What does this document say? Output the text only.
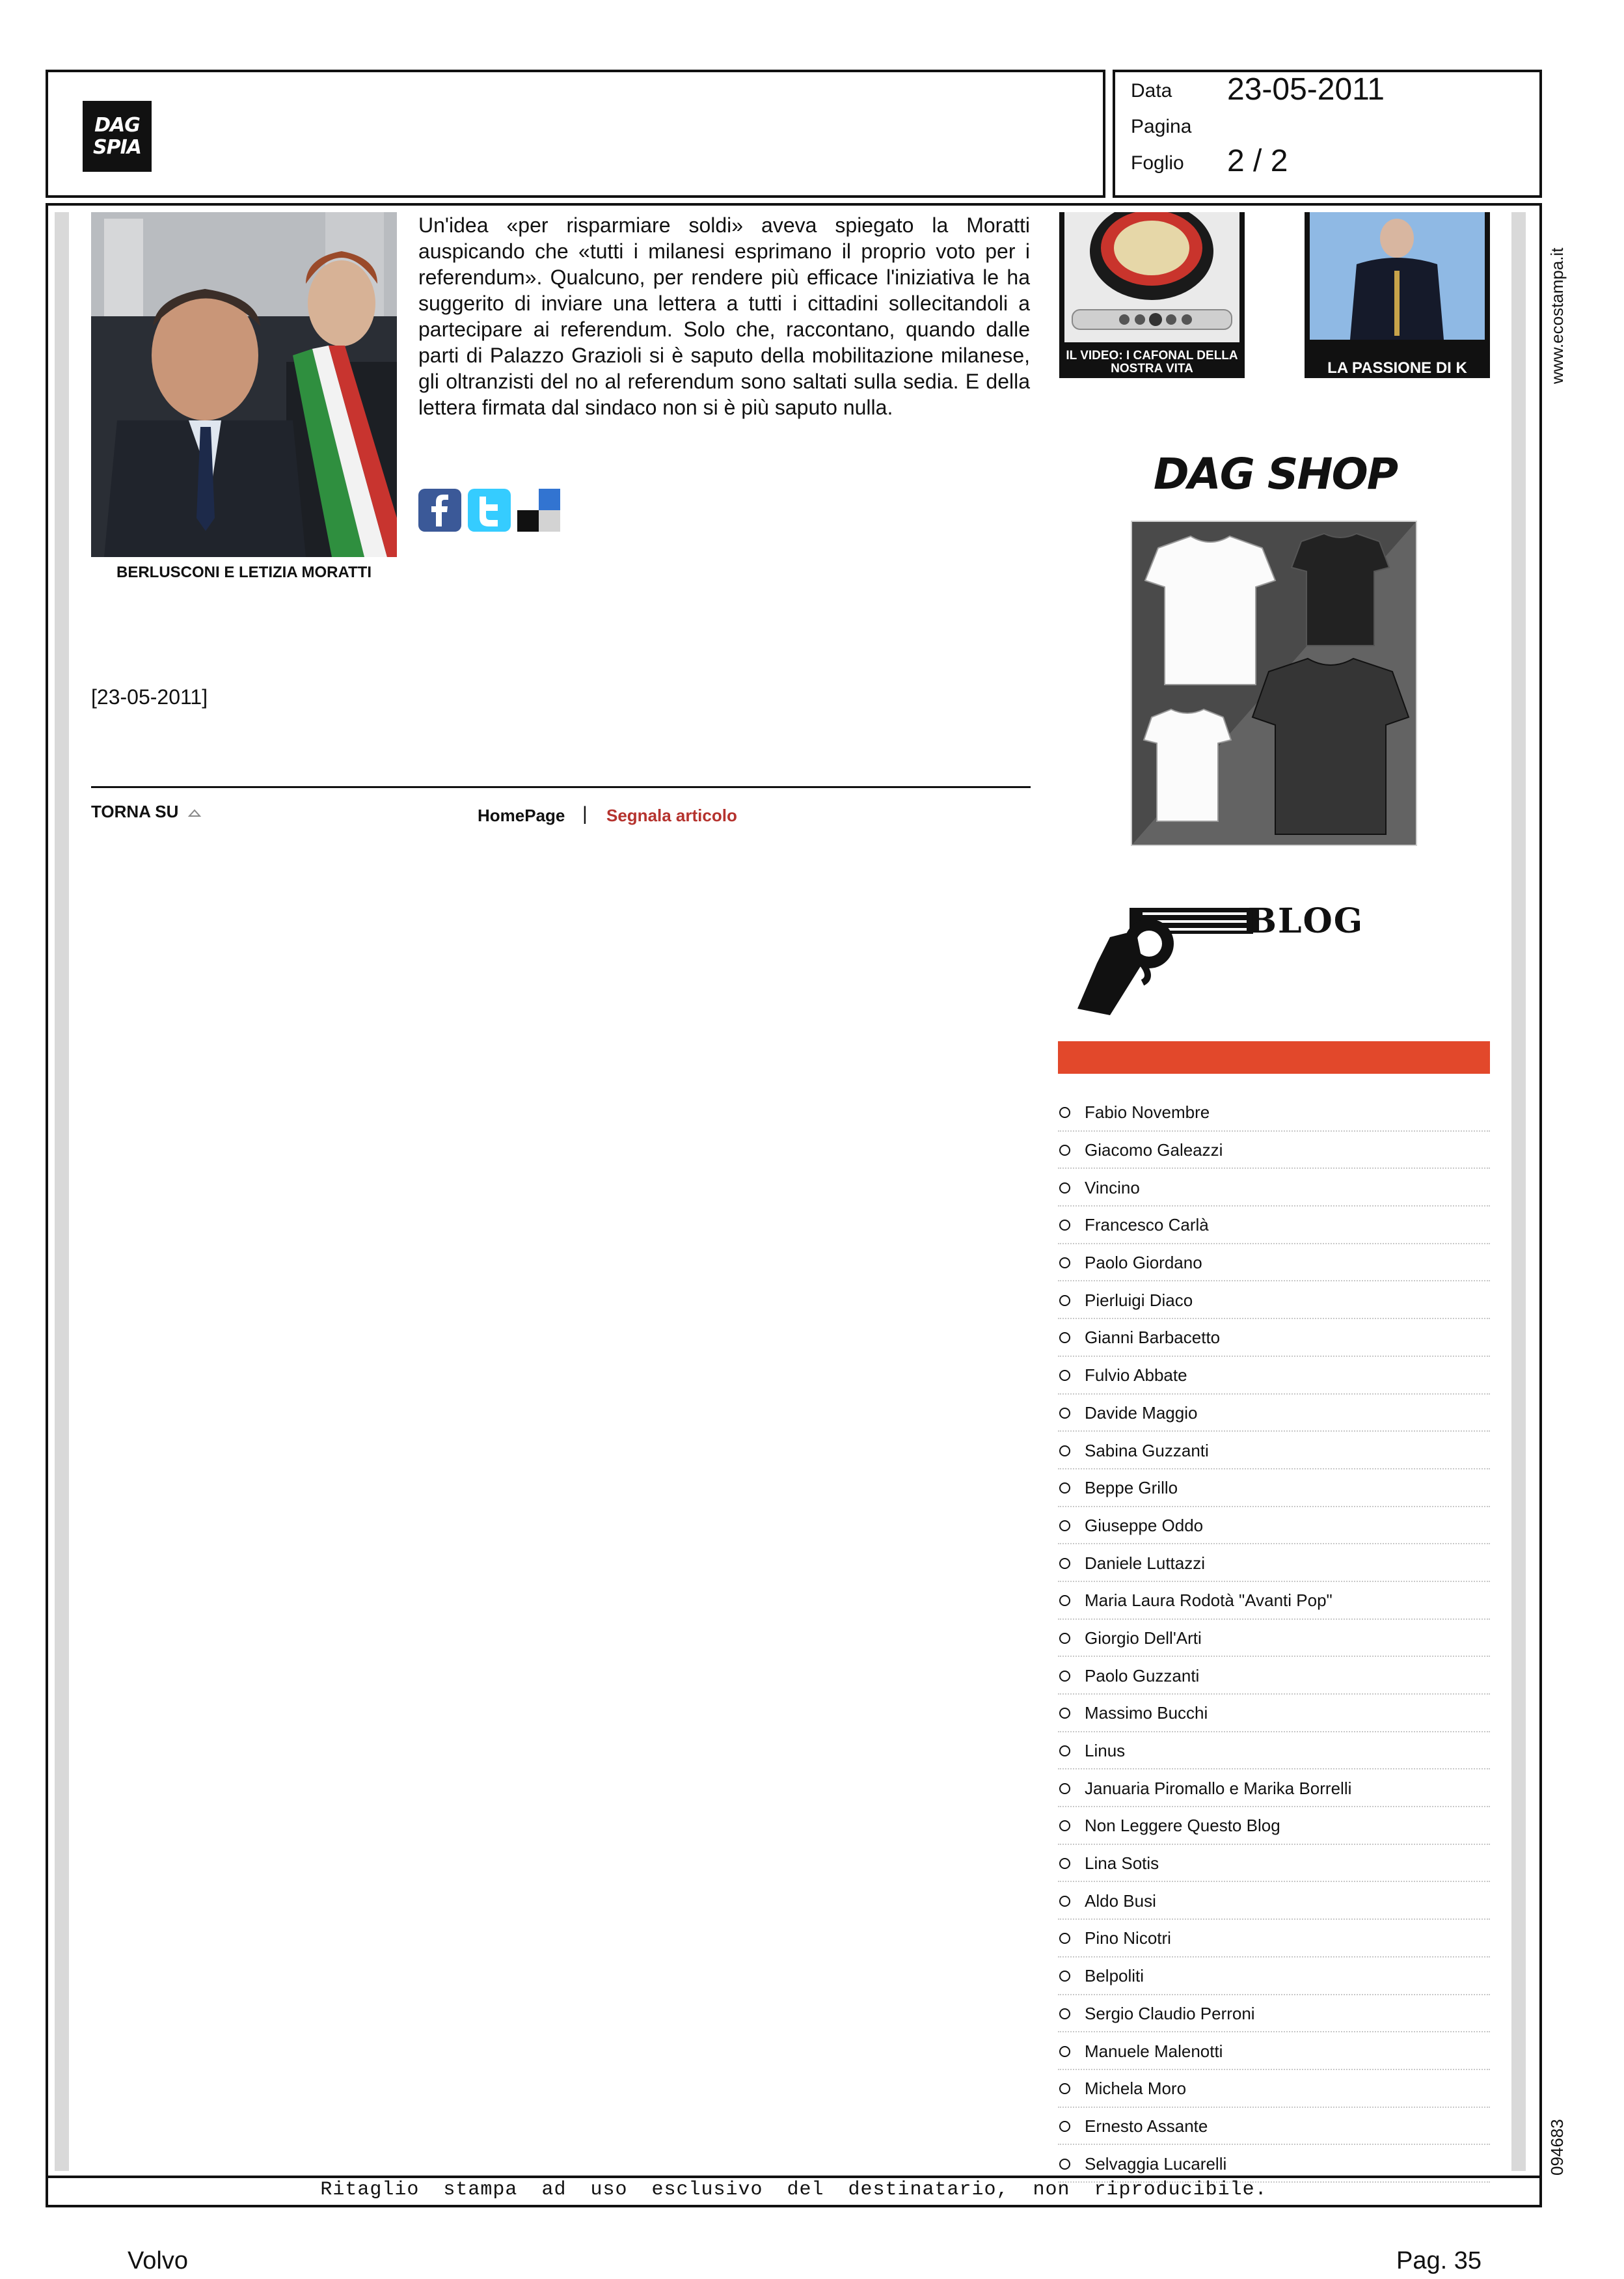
DAG
SPIA
Data 23-05-2011
Pagina
Foglio 2 / 2
www.ecostampa.it
094683
BERLUSCONI E LETIZIA MORATTI
Un'idea «per risparmiare soldi» aveva spiegato la Moratti auspicando che «tutti i milanesi esprimano il proprio voto per i referendum». Qualcuno, per rendere più efficace l'iniziativa le ha suggerito di inviare una lettera a tutti i cittadini sollecitandoli a partecipare ai referendum. Solo che, raccontano, quando dalle parti di Palazzo Grazioli si è saputo della mobilitazione milanese, gli oltranzisti del no al referendum sono saltati sulla sedia. E della lettera firmata dal sindaco non si è più saputo nulla.
[23-05-2011]
TORNA SU	HomePage | Segnala articolo
IL VIDEO: I CAFONAL DELLA NOSTRA VITA	LA PASSIONE DI K
DAG SHOP
BLOG
Fabio Novembre
Giacomo Galeazzi
Vincino
Francesco Carlà
Paolo Giordano
Pierluigi Diaco
Gianni Barbacetto
Fulvio Abbate
Davide Maggio
Sabina Guzzanti
Beppe Grillo
Giuseppe Oddo
Daniele Luttazzi
Maria Laura Rodotà "Avanti Pop"
Giorgio Dell'Arti
Paolo Guzzanti
Massimo Bucchi
Linus
Januaria Piromallo e Marika Borrelli
Non Leggere Questo Blog
Lina Sotis
Aldo Busi
Pino Nicotri
Belpoliti
Sergio Claudio Perroni
Manuele Malenotti
Michela Moro
Ernesto Assante
Selvaggia Lucarelli
Ritaglio stampa ad uso esclusivo del destinatario, non riproducibile.
Volvo	Pag. 35
